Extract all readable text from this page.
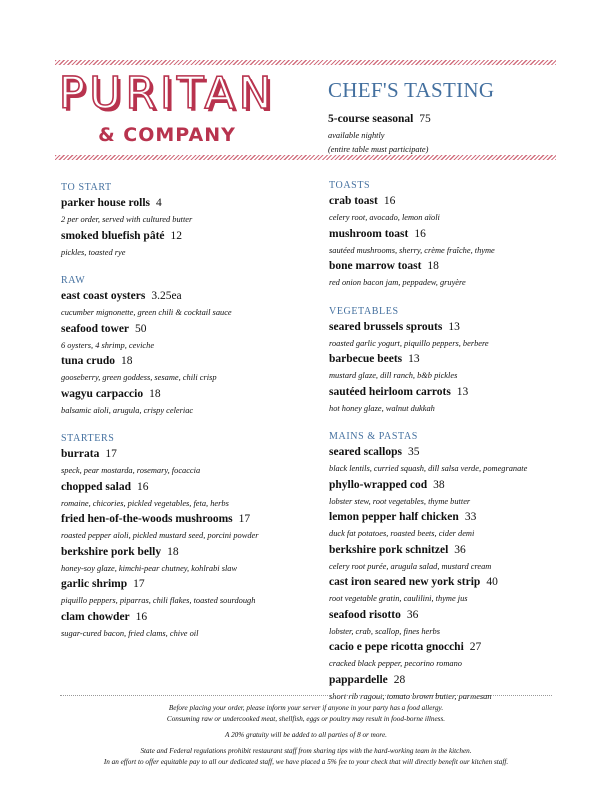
PURITAN
& COMPANY
CHEF'S TASTING
5-course seasonal 75
available nightly
(entire table must participate)
TO START
parker house rolls 4
2 per order, served with cultured butter
smoked bluefish pâté 12
pickles, toasted rye
RAW
east coast oysters 3.25ea
cucumber mignonette, green chili & cocktail sauce
seafood tower 50
6 oysters, 4 shrimp, ceviche
tuna crudo 18
gooseberry, green goddess, sesame, chili crisp
wagyu carpaccio 18
balsamic aïoli, arugula, crispy celeriac
STARTERS
burrata 17
speck, pear mostarda, rosemary, focaccia
chopped salad 16
romaine, chicories, pickled vegetables, feta, herbs
fried hen-of-the-woods mushrooms 17
roasted pepper aïoli, pickled mustard seed, porcini powder
berkshire pork belly 18
honey-soy glaze, kimchi-pear chutney, kohlrabi slaw
garlic shrimp 17
piquillo peppers, piparras, chili flakes, toasted sourdough
clam chowder 16
sugar-cured bacon, fried clams, chive oil
TOASTS
crab toast 16
celery root, avocado, lemon aïoli
mushroom toast 16
sautéed mushrooms, sherry, crème fraîche, thyme
bone marrow toast 18
red onion bacon jam, peppadew, gruyère
VEGETABLES
seared brussels sprouts 13
roasted garlic yogurt, piquillo peppers, berbere
barbecue beets 13
mustard glaze, dill ranch, b&b pickles
sautéed heirloom carrots 13
hot honey glaze, walnut dukkah
MAINS & PASTAS
seared scallops 35
black lentils, curried squash, dill salsa verde, pomegranate
phyllo-wrapped cod 38
lobster stew, root vegetables, thyme butter
lemon pepper half chicken 33
duck fat potatoes, roasted beets, cider demi
berkshire pork schnitzel 36
celery root purée, arugula salad, mustard cream
cast iron seared new york strip 40
root vegetable gratin, caulilini, thyme jus
seafood risotto 36
lobster, crab, scallop, fines herbs
cacio e pepe ricotta gnocchi 27
cracked black pepper, pecorino romano
pappardelle 28
short rib ragout, tomato brown butter, parmesan

Before placing your order, please inform your server if anyone in your party has a food allergy.
Consuming raw or undercooked meat, shellfish, eggs or poultry may result in food-borne illness.

A 20% gratuity will be added to all parties of 8 or more.

State and Federal regulations prohibit restaurant staff from sharing tips with the hard-working team in the kitchen.
In an effort to offer equitable pay to all our dedicated staff, we have placed a 5% fee to your check that will directly benefit our kitchen staff.
